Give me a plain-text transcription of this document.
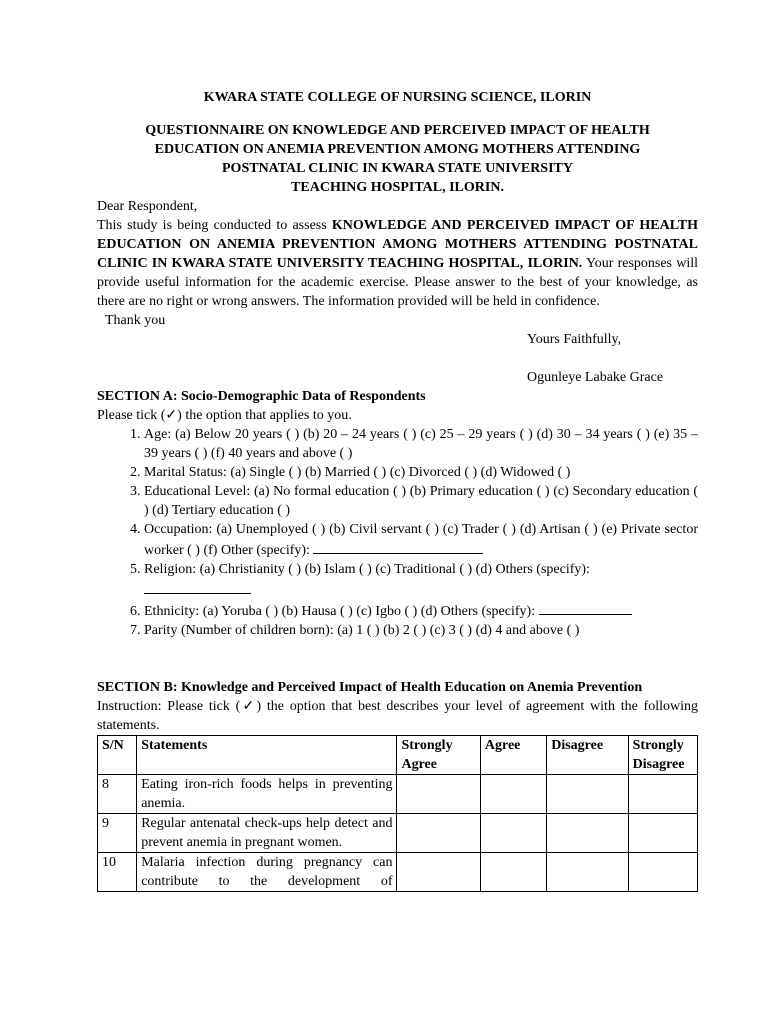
KWARA STATE COLLEGE OF NURSING SCIENCE, ILORIN

QUESTIONNAIRE ON KNOWLEDGE AND PERCEIVED IMPACT OF HEALTH

EDUCATION ON ANEMIA PREVENTION AMONG MOTHERS ATTENDING

POSTNATAL CLINIC IN KWARA STATE UNIVERSITY

TEACHING HOSPITAL, ILORIN.

Dear Respondent,

This study is being conducted to assess KNOWLEDGE AND PERCEIVED IMPACT OF HEALTH EDUCATION ON ANEMIA PREVENTION AMONG MOTHERS ATTENDING POSTNATAL CLINIC IN KWARA STATE UNIVERSITY TEACHING HOSPITAL, ILORIN. Your responses will provide useful information for the academic exercise. Please answer to the best of your knowledge, as there are no right or wrong answers. The information provided will be held in confidence.

Thank you

Yours Faithfully,

Ogunleye Labake Grace

SECTION A: Socio-Demographic Data of Respondents

Please tick (✓) the option that applies to you.

1. Age: (a) Below 20 years ( ) (b) 20 – 24 years ( ) (c) 25 – 29 years ( ) (d) 30 – 34 years ( ) (e) 35 – 39 years ( ) (f) 40 years and above ( )
2. Marital Status: (a) Single ( ) (b) Married ( ) (c) Divorced ( ) (d) Widowed ( )
3. Educational Level: (a) No formal education ( ) (b) Primary education ( ) (c) Secondary education ( ) (d) Tertiary education ( )
4. Occupation: (a) Unemployed ( ) (b) Civil servant ( ) (c) Trader ( ) (d) Artisan ( ) (e) Private sector worker ( ) (f) Other (specify):
5. Religion: (a) Christianity ( ) (b) Islam ( ) (c) Traditional ( ) (d) Others (specify):

6. Ethnicity: (a) Yoruba ( ) (b) Hausa ( ) (c) Igbo ( ) (d) Others (specify):
7. Parity (Number of children born): (a) 1 ( ) (b) 2 ( ) (c) 3 ( ) (d) 4 and above ( )

SECTION B: Knowledge and Perceived Impact of Health Education on Anemia Prevention

Instruction: Please tick (✓) the option that best describes your level of agreement with the following statements.

S/N	Statements	Strongly Agree	Agree	Disagree	Strongly Disagree
8	Eating iron-rich foods helps in preventing anemia.				
9	Regular antenatal check-ups help detect and prevent anemia in pregnant women.				
10	Malaria infection during pregnancy can contribute to the development of				
